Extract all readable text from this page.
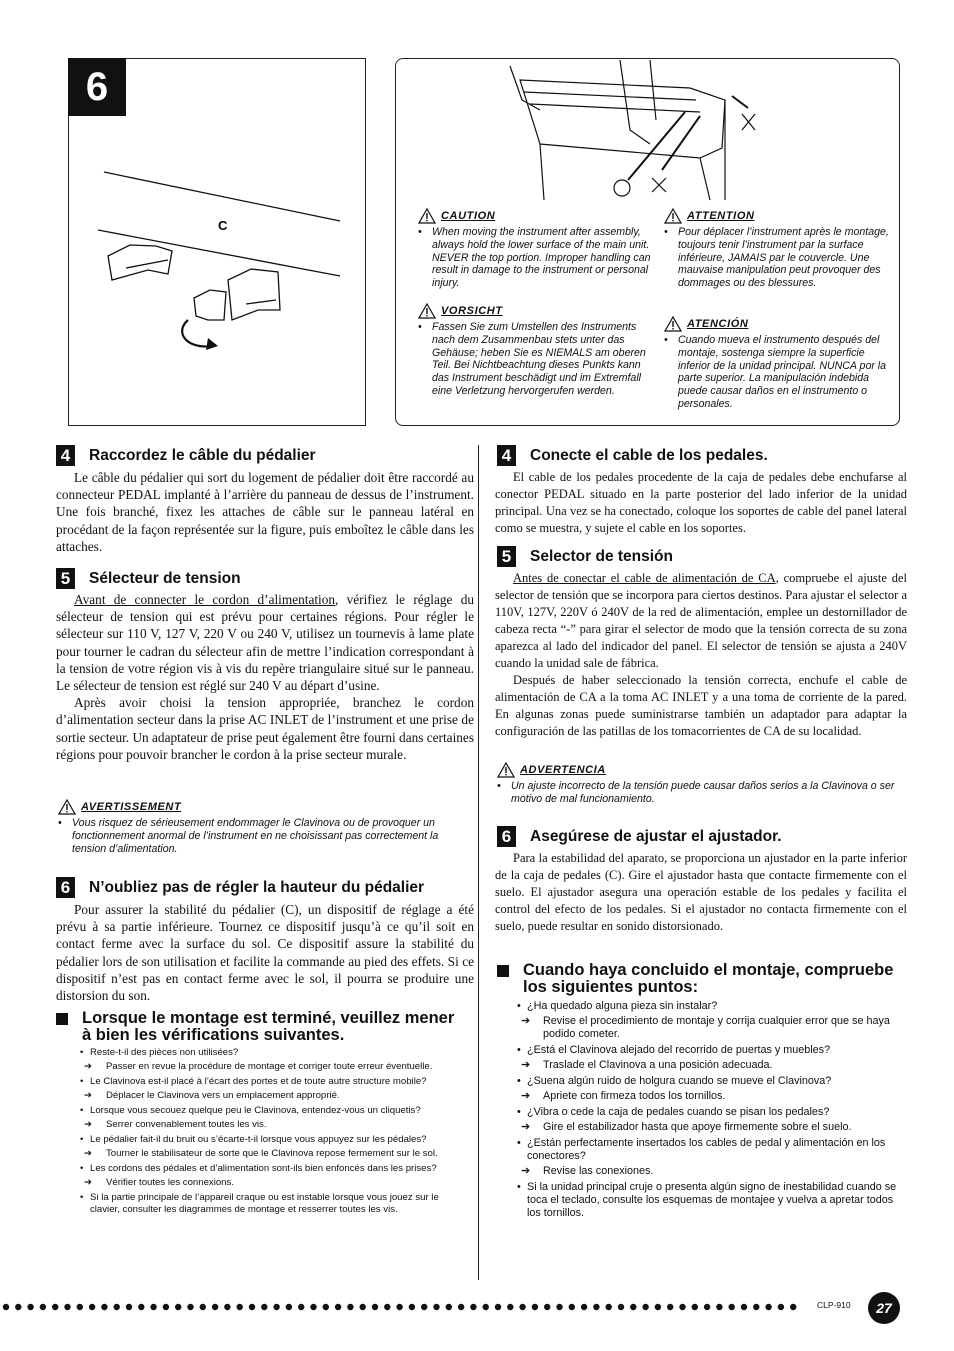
6
C
CAUTION
• When moving the instrument after assembly, always hold the lower surface of the main unit. NEVER the top portion. Improper handling can result in damage to the instrument or personal injury.
VORSICHT
• Fassen Sie zum Umstellen des Instruments nach dem Zusammenbau stets unter das Gehäuse; heben Sie es NIEMALS am oberen Teil. Bei Nichtbeachtung dieses Punkts kann das Instrument beschädigt und im Extremfall eine Verletzung hervorgerufen werden.
ATTENTION
• Pour déplacer l’instrument après le montage, toujours tenir l’instrument par la surface inférieure, JAMAIS par le couvercle. Une mauvaise manipulation peut provoquer des dommages ou des blessures.
ATENCIÓN
• Cuando mueva el instrumento después del montaje, sostenga siempre la superficie inferior de la unidad principal. NUNCA por la parte superior. La manipulación indebida puede causar daños en el instrumento o personales.
4	Raccordez le câble du pédalier

Le câble du pédalier qui sort du logement de pédalier doit être raccordé au connecteur PEDAL implanté à l’arrière du panneau de dessus de l’instrument. Une fois branché, fixez les attaches de câble sur le panneau latéral en procédant de la façon représentée sur la figure, puis emboîtez le câble dans les attaches.

5	Sélecteur de tension

Avant de connecter le cordon d’alimentation, vérifiez le réglage du sélecteur de tension qui est prévu pour certaines régions. Pour régler le sélecteur sur 110 V, 127 V, 220 V ou 240 V, utilisez un tournevis à lame plate pour tourner le cadran du sélecteur afin de mettre l’indication correspondant à la tension de votre région vis à vis du repère triangulaire situé sur le panneau. Le sélecteur de tension est réglé sur 240 V au départ d’usine.

Après avoir choisi la tension appropriée, branchez le cordon d’alimentation secteur dans la prise AC INLET de l’instrument et une prise de sortie secteur. Un adaptateur de prise peut également être fourni dans certaines régions pour pouvoir brancher le cordon à la prise secteur murale.

AVERTISSEMENT
• Vous risquez de sérieusement endommager le Clavinova ou de provoquer un fonctionnement anormal de l’instrument en ne choisissant pas correctement la tension d’alimentation.
6	N’oubliez pas de régler la hauteur du pédalier

Pour assurer la stabilité du pédalier (C), un dispositif de réglage a été prévu à sa partie inférieure. Tournez ce dispositif jusqu’à ce qu’il soit en contact ferme avec la surface du sol. Ce dispositif assure la stabilité du pédalier lors de son utilisation et facilite la commande au pied des effets. Si ce dispositif n’est pas en contact ferme avec le sol, il pourra se produire une distorsion du son.

Lorsque le montage est terminé, veuillez mener à bien les vérifications suivantes.
• Reste-t-il des pièces non utilisées?
➔	Passer en revue la procédure de montage et corriger toute erreur éventuelle.
• Le Clavinova est-il placé à l’écart des portes et de toute autre structure mobile?
➔	Déplacer le Clavinova vers un emplacement approprié.
• Lorsque vous secouez quelque peu le Clavinova, entendez-vous un cliquetis?
➔	Serrer convenablement toutes les vis.
• Le pédalier fait-il du bruit ou s’écarte-t-il lorsque vous appuyez sur les pédales?
➔	Tourner le stabilisateur de sorte que le Clavinova repose fermement sur le sol.
• Les cordons des pédales et d’alimentation sont-ils bien enfoncés dans les prises?
➔	Vérifier toutes les connexions.
• Si la partie principale de l’appareil craque ou est instable lorsque vous jouez sur le clavier, consulter les diagrammes de montage et resserrer toutes les vis.
4	Conecte el cable de los pedales.

El cable de los pedales procedente de la caja de pedales debe enchufarse al conector PEDAL situado en la parte posterior del lado inferior de la unidad principal. Una vez se ha conectado, coloque los soportes de cable del panel lateral como se muestra, y sujete el cable en los soportes.

5	Selector de tensión

Antes de conectar el cable de alimentación de CA, compruebe el ajuste del selector de tensión que se incorpora para ciertos destinos. Para ajustar el selector a 110V, 127V, 220V ó 240V de la red de alimentación, emplee un destornillador de cabeza recta “-” para girar el selector de modo que la tensión correcta de su zona aparezca al lado del indicador del panel. El selector de tensión se ajusta a 240V cuando la unidad sale de fábrica.

Después de haber seleccionado la tensión correcta, enchufe el cable de alimentación de CA a la toma AC INLET y a una toma de corriente de la pared. En algunas zonas puede suministrarse también un adaptador para adaptar la configuración de las patillas de los tomacorrientes de CA de su localidad.

ADVERTENCIA
• Un ajuste incorrecto de la tensión puede causar daños serios a la Clavinova o ser motivo de mal funcionamiento.
6	Asegúrese de ajustar el ajustador.

Para la estabilidad del aparato, se proporciona un ajustador en la parte inferior de la caja de pedales (C). Gire el ajustador hasta que contacte firmemente con el suelo. El ajustador asegura una operación estable de los pedales y facilita el control del efecto de los pedales. Si el ajustador no contacta firmemente con el suelo, puede resultar en sonido distorsionado.

Cuando haya concluido el montaje, compruebe los siguientes puntos:
• ¿Ha quedado alguna pieza sin instalar?
➔	Revise el procedimiento de montaje y corrija cualquier error que se haya podido cometer.
• ¿Está el Clavinova alejado del recorrido de puertas y muebles?
➔	Traslade el Clavinova a una posición adecuada.
• ¿Suena algún ruido de holgura cuando se mueve el Clavinova?
➔	Apriete con firmeza todos los tornillos.
• ¿Vibra o cede la caja de pedales cuando se pisan los pedales?
➔	Gire el estabilizador hasta que apoye firmemente sobre el suelo.
• ¿Están perfectamente insertados los cables de pedal y alimentación en los conectores?
➔	Revise las conexiones.
• Si la unidad principal cruje o presenta algún signo de inestabilidad cuando se toca el teclado, consulte los esquemas de montajee y vuelva a apretar todos los tornillos.
CLP-910	27
